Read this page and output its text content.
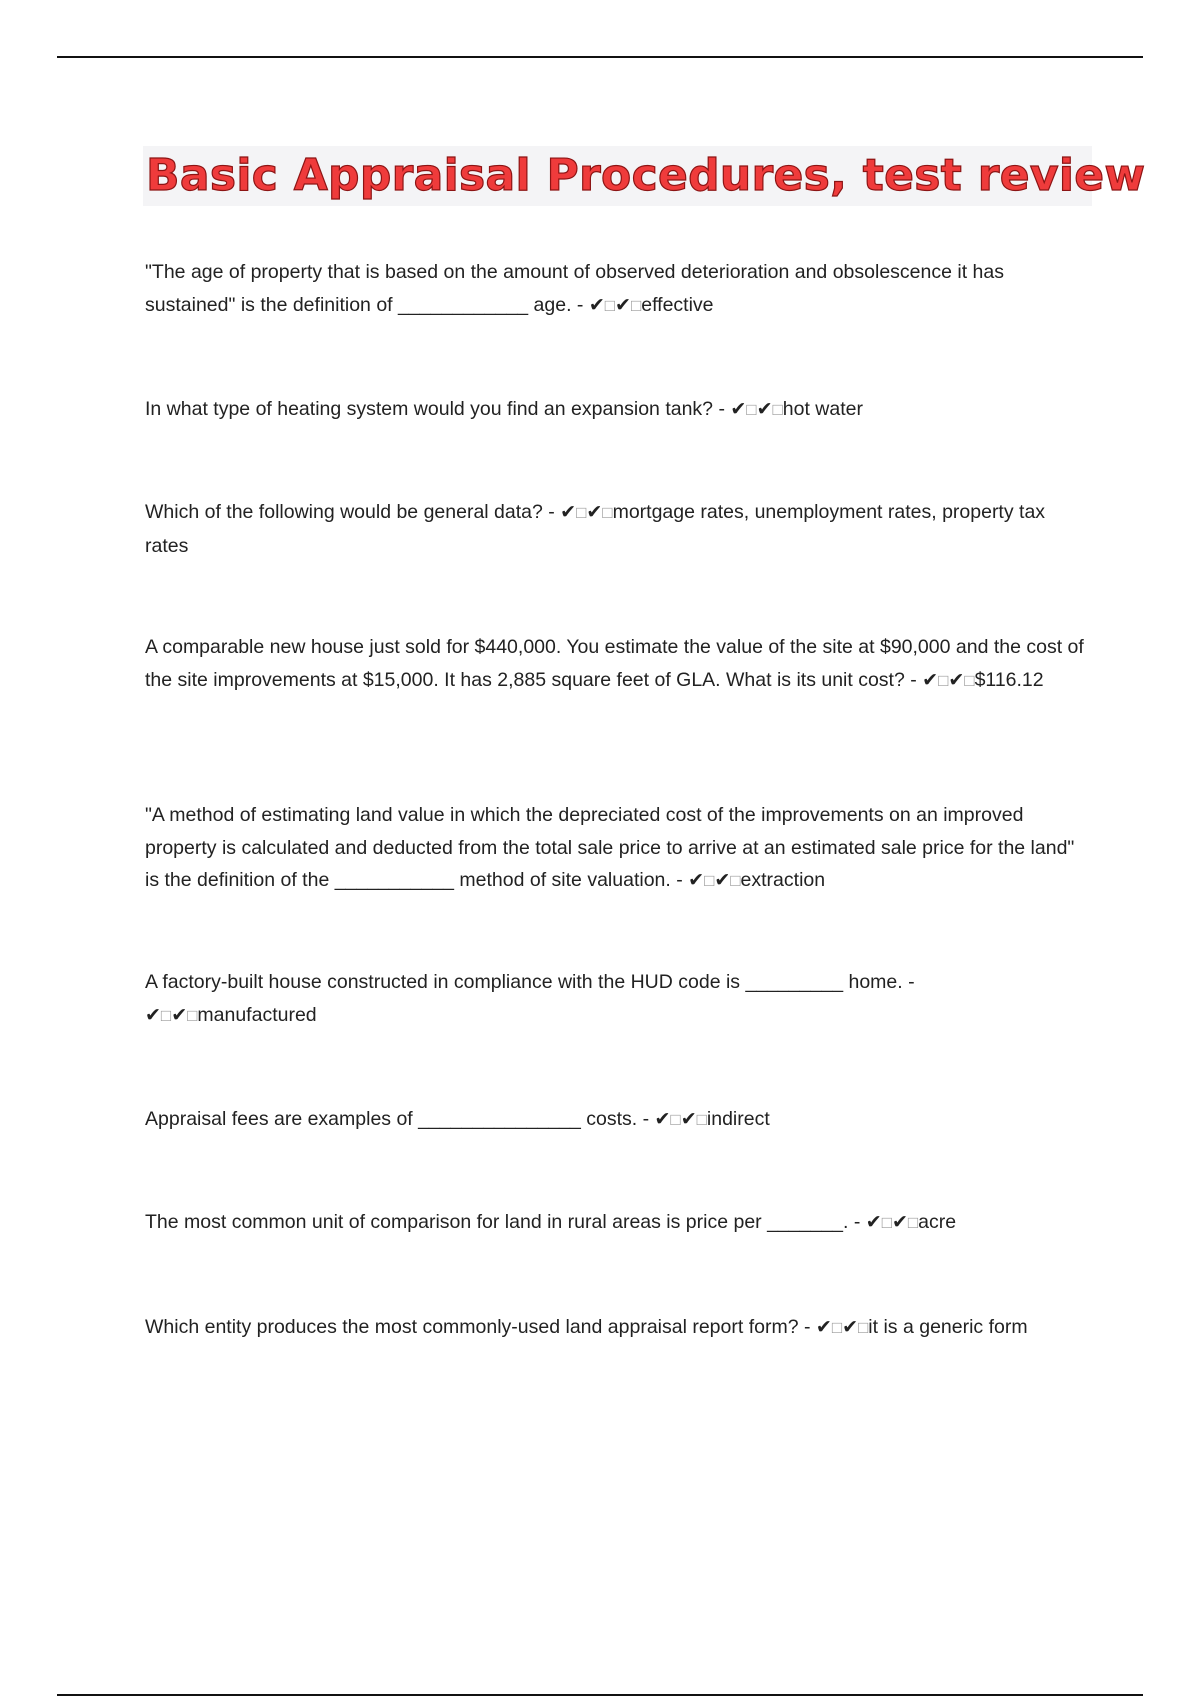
Basic Appraisal Procedures, test review
"The age of property that is based on the amount of observed deterioration and obsolescence it has sustained" is the definition of ____________ age. - ✔□✔□effective
In what type of heating system would you find an expansion tank? - ✔□✔□hot water
Which of the following would be general data? - ✔□✔□mortgage rates, unemployment rates, property tax rates
A comparable new house just sold for $440,000. You estimate the value of the site at $90,000 and the cost of the site improvements at $15,000. It has 2,885 square feet of GLA. What is its unit cost? - ✔□✔□$116.12
"A method of estimating land value in which the depreciated cost of the improvements on an improved property is calculated and deducted from the total sale price to arrive at an estimated sale price for the land" is the definition of the ___________ method of site valuation. - ✔□✔□extraction
A factory-built house constructed in compliance with the HUD code is _________ home. - ✔□✔□manufactured
Appraisal fees are examples of _______________ costs. - ✔□✔□indirect
The most common unit of comparison for land in rural areas is price per _______. - ✔□✔□acre
Which entity produces the most commonly-used land appraisal report form? - ✔□✔□it is a generic form
